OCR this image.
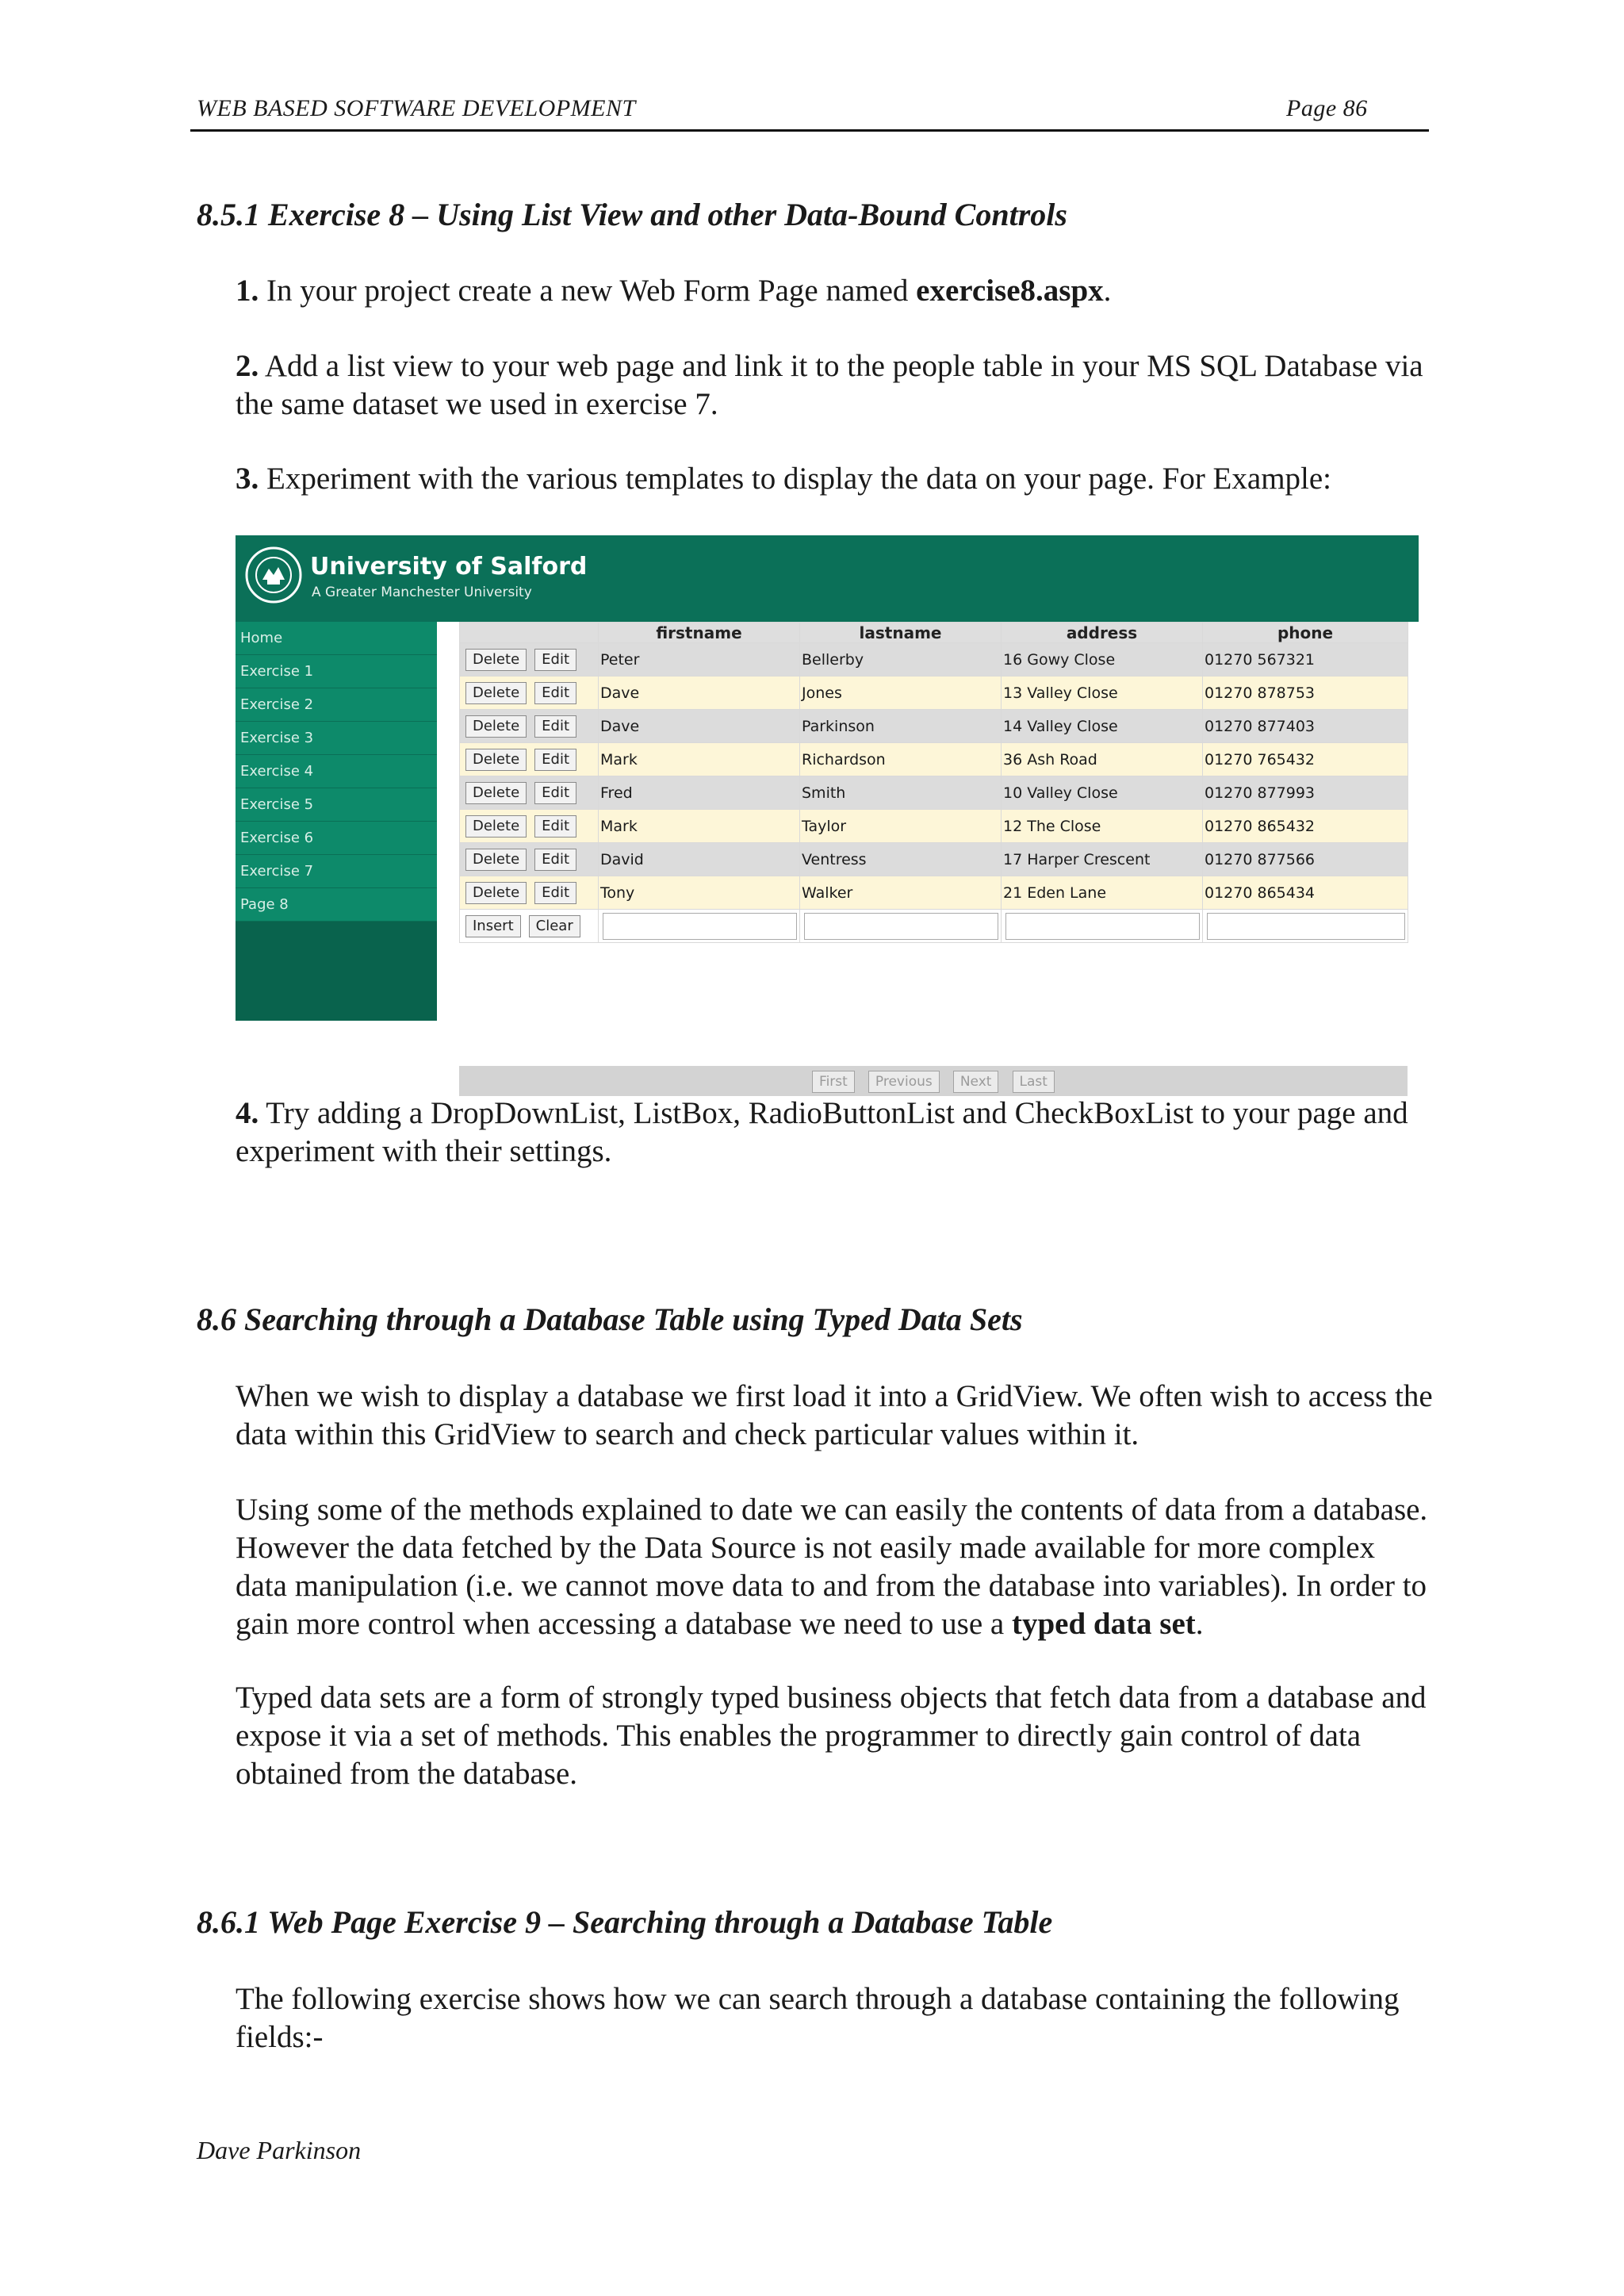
WEB BASED SOFTWARE DEVELOPMENT	Page 86
8.5.1 Exercise 8 – Using List View and other Data-Bound Controls
1. In your project create a new Web Form Page named exercise8.aspx.
2. Add a list view to your web page and link it to the people table in your MS SQL Database via the same dataset we used in exercise 7.
3. Experiment with the various templates to display the data on your page. For Example:
University of Salford
A Greater Manchester University
Home
Exercise 1
Exercise 2
Exercise 3
Exercise 4
Exercise 5
Exercise 6
Exercise 7
Page 8
	firstname	lastname	address	phone
Delete Edit	Peter	Bellerby	16 Gowy Close	01270 567321
Delete Edit	Dave	Jones	13 Valley Close	01270 878753
Delete Edit	Dave	Parkinson	14 Valley Close	01270 877403
Delete Edit	Mark	Richardson	36 Ash Road	01270 765432
Delete Edit	Fred	Smith	10 Valley Close	01270 877993
Delete Edit	Mark	Taylor	12 The Close	01270 865432
Delete Edit	David	Ventress	17 Harper Crescent	01270 877566
Delete Edit	Tony	Walker	21 Eden Lane	01270 865434
Insert Clear	

First Previous Next Last
4. Try adding a DropDownList, ListBox, RadioButtonList and CheckBoxList to your page and experiment with their settings.
8.6 Searching through a Database Table using Typed Data Sets
When we wish to display a database we first load it into a GridView. We often wish to access the data within this GridView to search and check particular values within it.
Using some of the methods explained to date we can easily the contents of data from a database. However the data fetched by the Data Source is not easily made available for more complex data manipulation (i.e. we cannot move data to and from the database into variables). In order to gain more control when accessing a database we need to use a typed data set.
Typed data sets are a form of strongly typed business objects that fetch data from a database and expose it via a set of methods. This enables the programmer to directly gain control of data obtained from the database.
8.6.1 Web Page Exercise 9 – Searching through a Database Table
The following exercise shows how we can search through a database containing the following fields:-
Dave Parkinson
